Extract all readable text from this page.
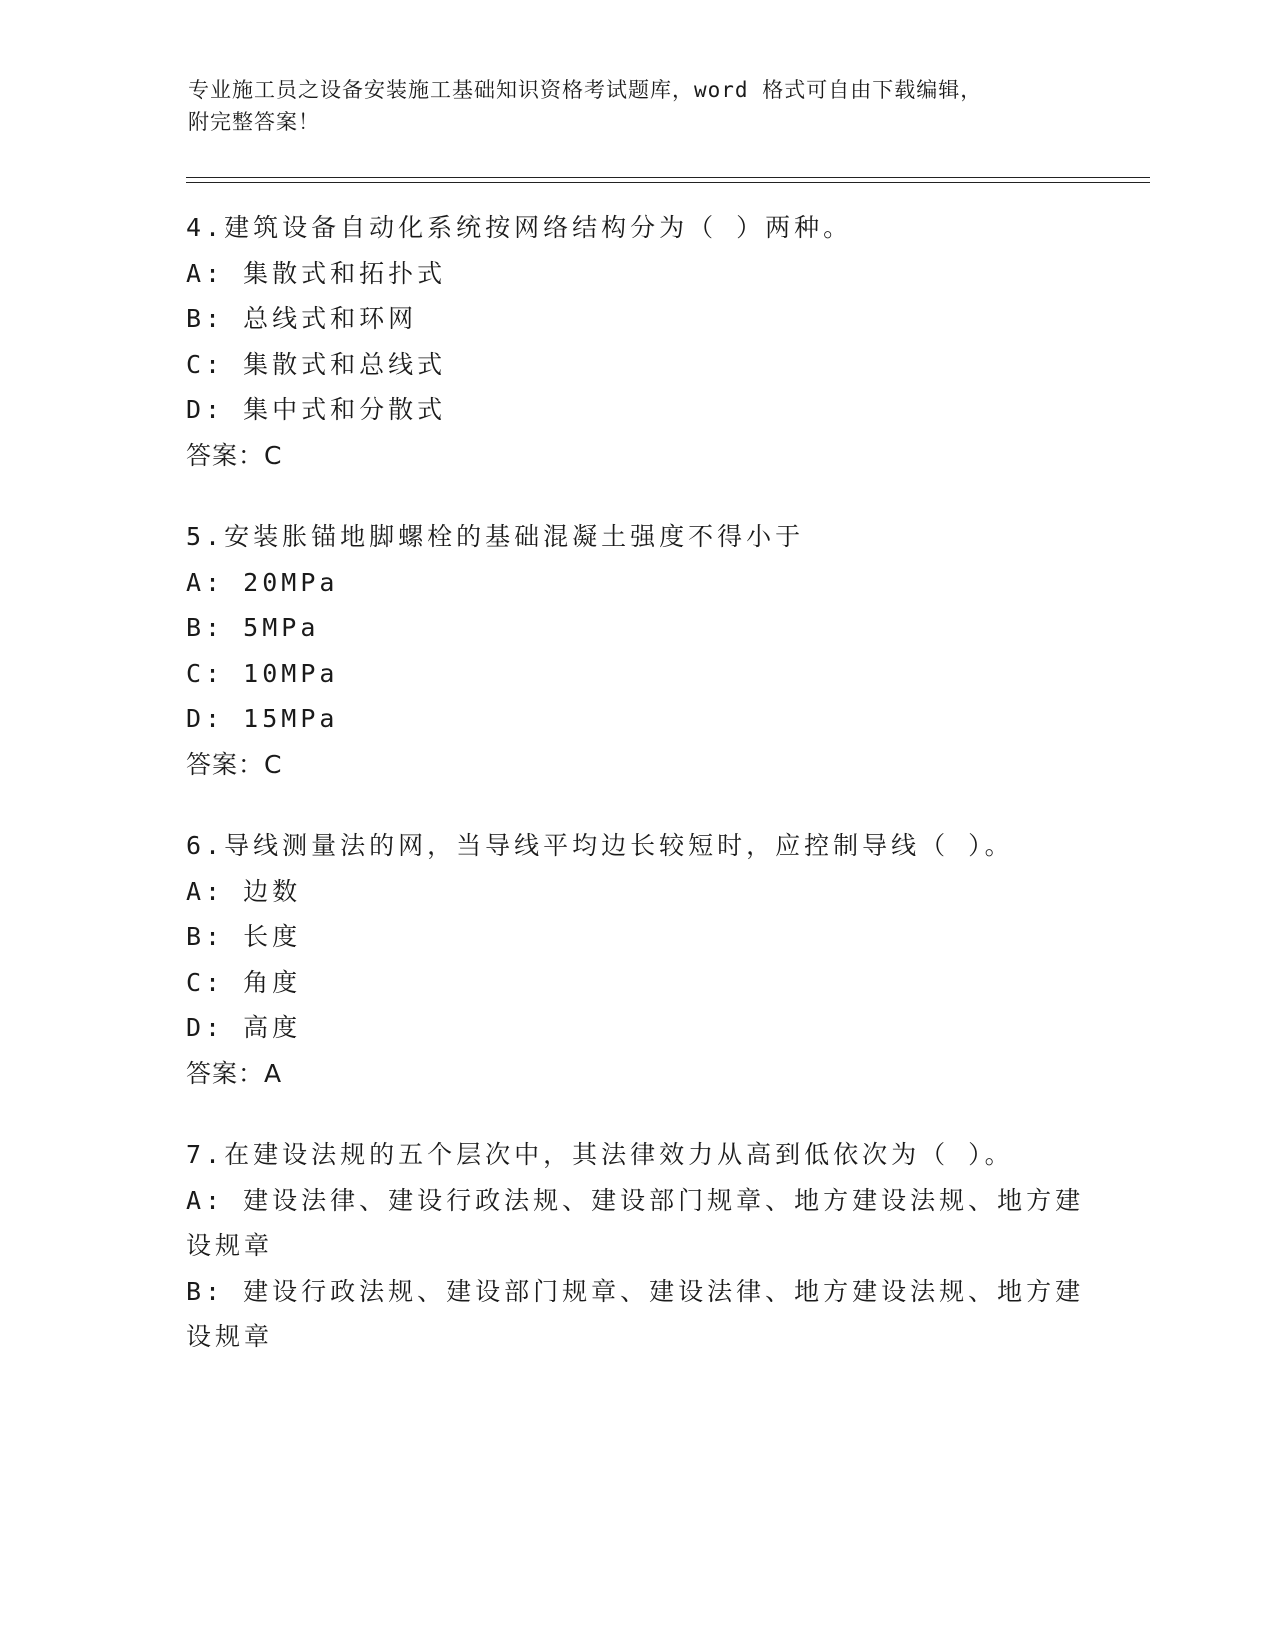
专业施工员之设备安装施工基础知识资格考试题库，word 格式可自由下载编辑，
附完整答案！
4.建筑设备自动化系统按网络结构分为（ ）两种。
A: 集散式和拓扑式
B: 总线式和环网
C: 集散式和总线式
D: 集中式和分散式
答案：C
5.安装胀锚地脚螺栓的基础混凝土强度不得小于
A: 20MPa
B: 5MPa
C: 10MPa
D: 15MPa
答案：C
6.导线测量法的网，当导线平均边长较短时，应控制导线（ ）。
A: 边数
B: 长度
C: 角度
D: 高度
答案：A
7.在建设法规的五个层次中，其法律效力从高到低依次为（ ）。
A: 建设法律、建设行政法规、建设部门规章、地方建设法规、地方建设规章
B: 建设行政法规、建设部门规章、建设法律、地方建设法规、地方建设规章
